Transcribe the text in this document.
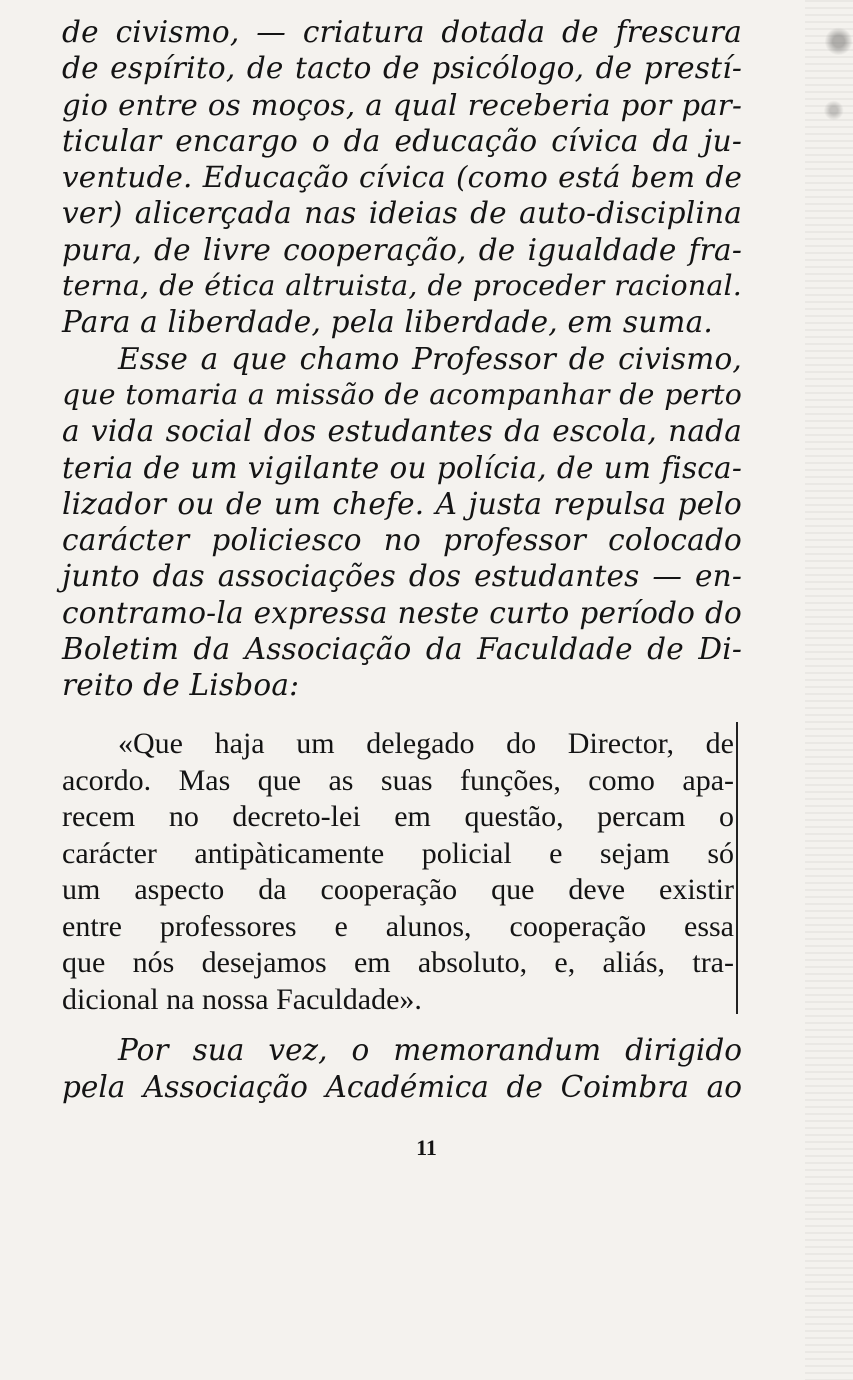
de civismo, — criatura dotada de frescura
de espírito, de tacto de psicólogo, de prestí-
gio entre os moços, a qual receberia por par-
ticular encargo o da educação cívica da ju-
ventude. Educação cívica (como está bem de
ver) alicerçada nas ideias de auto-disciplina
pura, de livre cooperação, de igualdade fra-
terna, de ética altruista, de proceder racional.
Para a liberdade, pela liberdade, em suma.
Esse a que chamo Professor de civismo,
que tomaria a missão de acompanhar de perto
a vida social dos estudantes da escola, nada
teria de um vigilante ou polícia, de um fisca-
lizador ou de um chefe. A justa repulsa pelo
carácter policiesco no professor colocado
junto das associações dos estudantes — en-
contramo-la expressa neste curto período do
Boletim da Associação da Faculdade de Di-
reito de Lisboa:
«Que haja um delegado do Director, de
acordo. Mas que as suas funções, como apa-
recem no decreto-lei em questão, percam o
carácter antipàticamente policial e sejam só
um aspecto da cooperação que deve existir
entre professores e alunos, cooperação essa
que nós desejamos em absoluto, e, aliás, tra-
dicional na nossa Faculdade».
Por sua vez, o memorandum dirigido
pela Associação Académica de Coimbra ao
11
